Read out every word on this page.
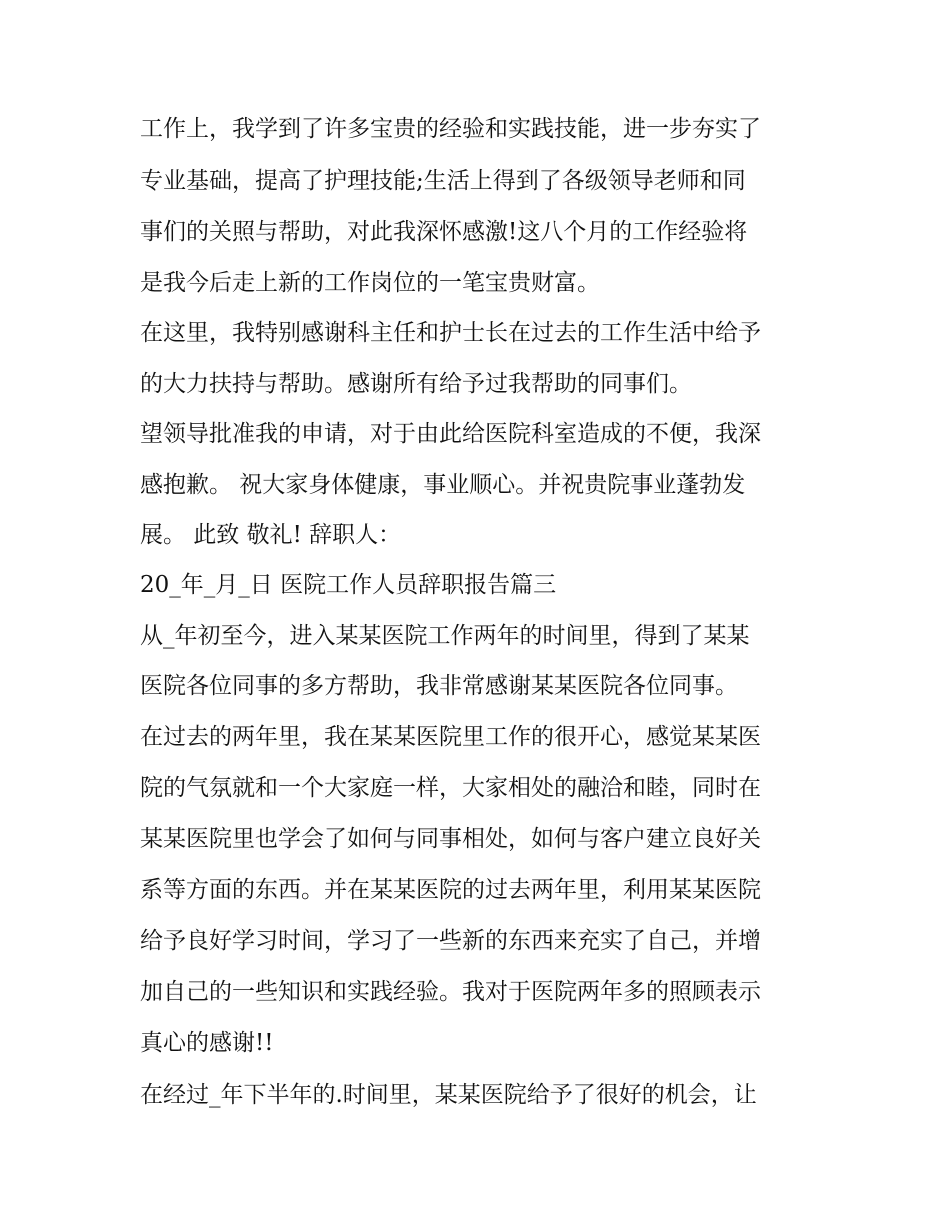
工作上，我学到了许多宝贵的经验和实践技能，进一步夯实了
专业基础，提高了护理技能;生活上得到了各级领导老师和同
事们的关照与帮助，对此我深怀感激!这八个月的工作经验将
是我今后走上新的工作岗位的一笔宝贵财富。
在这里，我特别感谢科主任和护士长在过去的工作生活中给予
的大力扶持与帮助。感谢所有给予过我帮助的同事们。
望领导批准我的申请，对于由此给医院科室造成的不便，我深
感抱歉。 祝大家身体健康，事业顺心。并祝贵院事业蓬勃发
展。 此致 敬礼! 辞职人：
20_年_月_日 医院工作人员辞职报告篇三
从_年初至今，进入某某医院工作两年的时间里，得到了某某
医院各位同事的多方帮助，我非常感谢某某医院各位同事。
在过去的两年里，我在某某医院里工作的很开心，感觉某某医
院的气氛就和一个大家庭一样，大家相处的融洽和睦，同时在
某某医院里也学会了如何与同事相处，如何与客户建立良好关
系等方面的东西。并在某某医院的过去两年里，利用某某医院
给予良好学习时间，学习了一些新的东西来充实了自己，并增
加自己的一些知识和实践经验。我对于医院两年多的照顾表示
真心的感谢!!
在经过_年下半年的.时间里，某某医院给予了很好的机会，让
